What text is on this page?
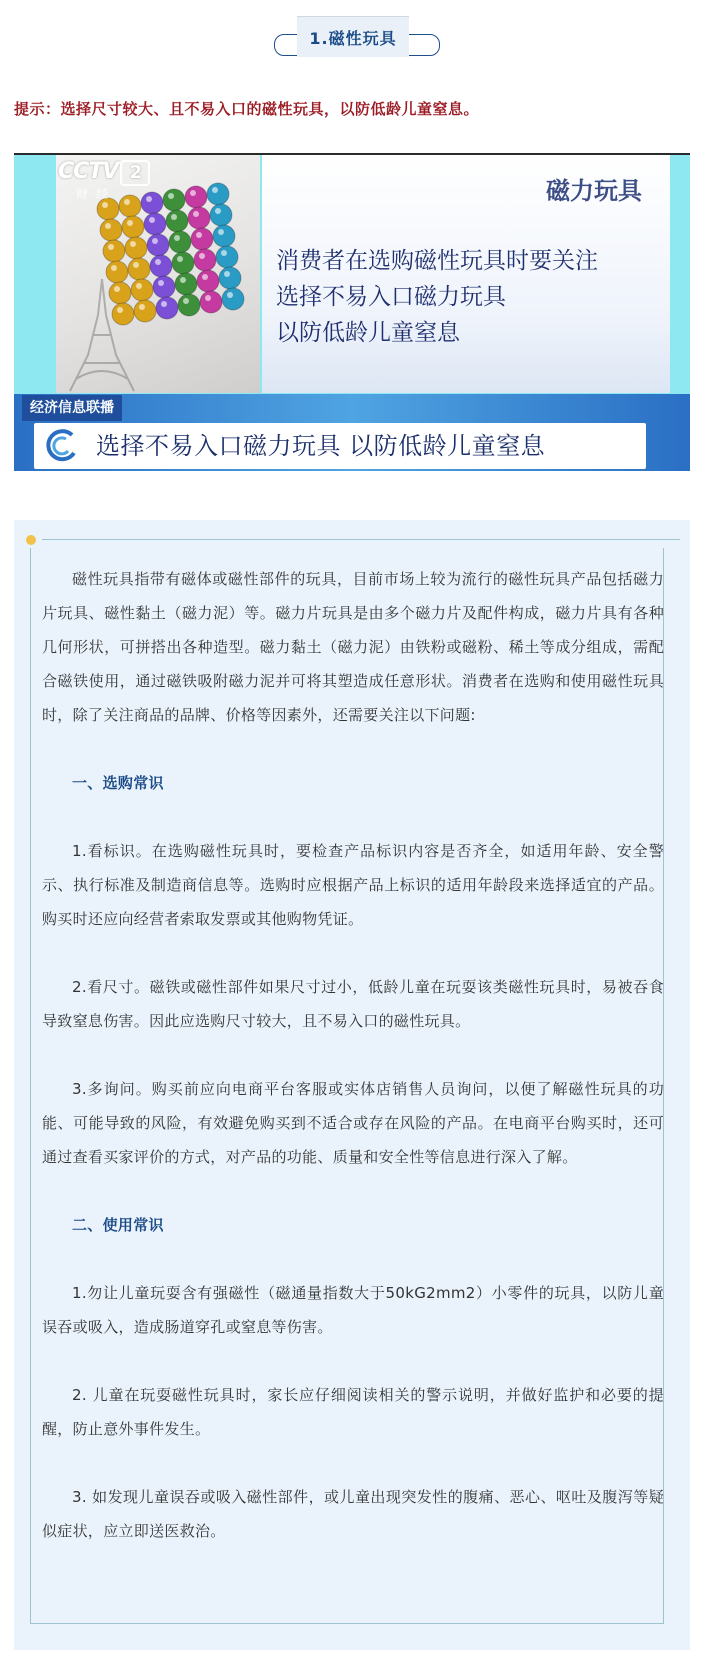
1.磁性玩具
提示：选择尺寸较大、且不易入口的磁性玩具，以防低龄儿童窒息。
CCTV 2
财经	磁力玩具
消费者在选购磁性玩具时要关注
选择不易入口磁力玩具
以防低龄儿童窒息
经济信息联播
选择不易入口磁力玩具 以防低龄儿童窒息

磁性玩具指带有磁体或磁性部件的玩具，目前市场上较为流行的磁性玩具产品包括磁力片玩具、磁性黏土（磁力泥）等。磁力片玩具是由多个磁力片及配件构成，磁力片具有各种几何形状，可拼搭出各种造型。磁力黏土（磁力泥）由铁粉或磁粉、稀土等成分组成，需配合磁铁使用，通过磁铁吸附磁力泥并可将其塑造成任意形状。消费者在选购和使用磁性玩具时，除了关注商品的品牌、价格等因素外，还需要关注以下问题:

一、选购常识

1.看标识。在选购磁性玩具时，要检查产品标识内容是否齐全，如适用年龄、安全警示、执行标准及制造商信息等。选购时应根据产品上标识的适用年龄段来选择适宜的产品。购买时还应向经营者索取发票或其他购物凭证。

2.看尺寸。磁铁或磁性部件如果尺寸过小，低龄儿童在玩耍该类磁性玩具时，易被吞食导致窒息伤害。因此应选购尺寸较大，且不易入口的磁性玩具。

3.多询问。购买前应向电商平台客服或实体店销售人员询问，以便了解磁性玩具的功能、可能导致的风险，有效避免购买到不适合或存在风险的产品。在电商平台购买时，还可通过查看买家评价的方式，对产品的功能、质量和安全性等信息进行深入了解。

二、使用常识

1.勿让儿童玩耍含有强磁性（磁通量指数大于50kG2mm2）小零件的玩具，以防儿童误吞或吸入，造成肠道穿孔或窒息等伤害。

2. 儿童在玩耍磁性玩具时，家长应仔细阅读相关的警示说明，并做好监护和必要的提醒，防止意外事件发生。

3. 如发现儿童误吞或吸入磁性部件，或儿童出现突发性的腹痛、恶心、呕吐及腹泻等疑似症状，应立即送医救治。
